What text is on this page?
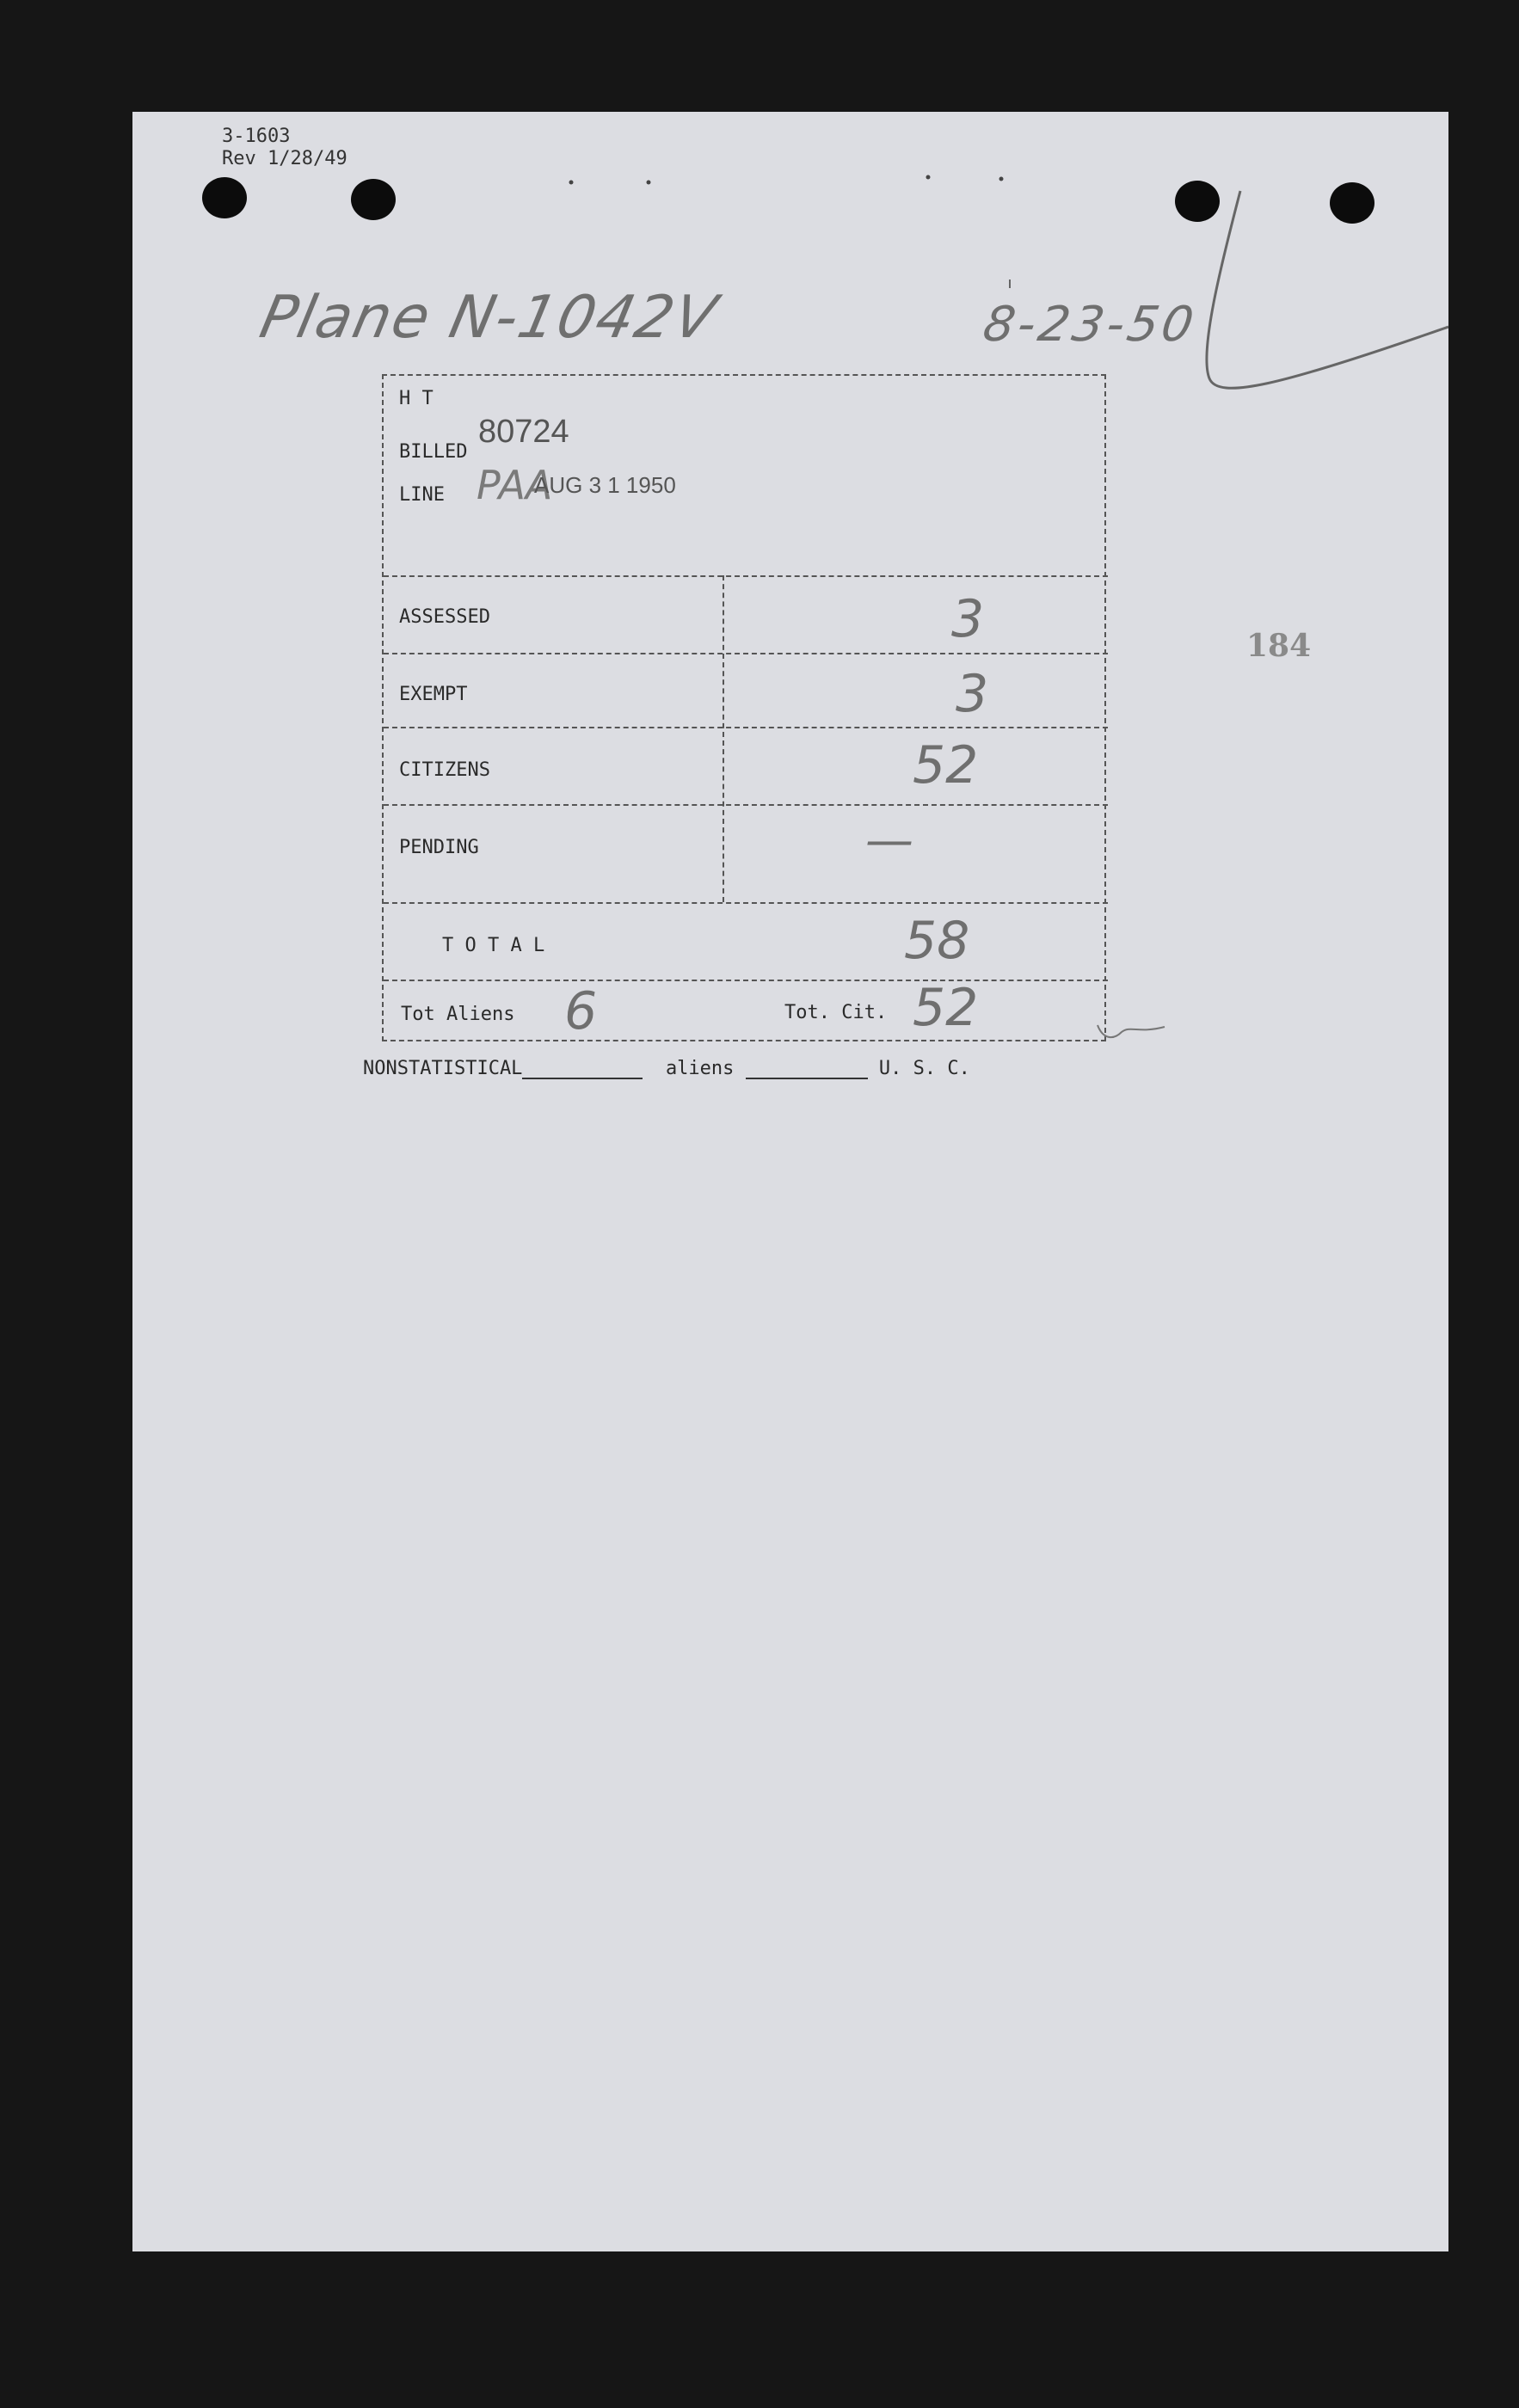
3-1603
Rev 1/28/49
Plane N-1042V	8-23-50
184
H T
BILLED
80724
LINE PAA
AUG 3 1 1950
ASSESSED	3
EXEMPT	3
CITIZENS	52
PENDING	—
T O T A L	58
Tot Aliens 6	Tot. Cit. 52
NONSTATISTICAL	aliens	U. S. C.
